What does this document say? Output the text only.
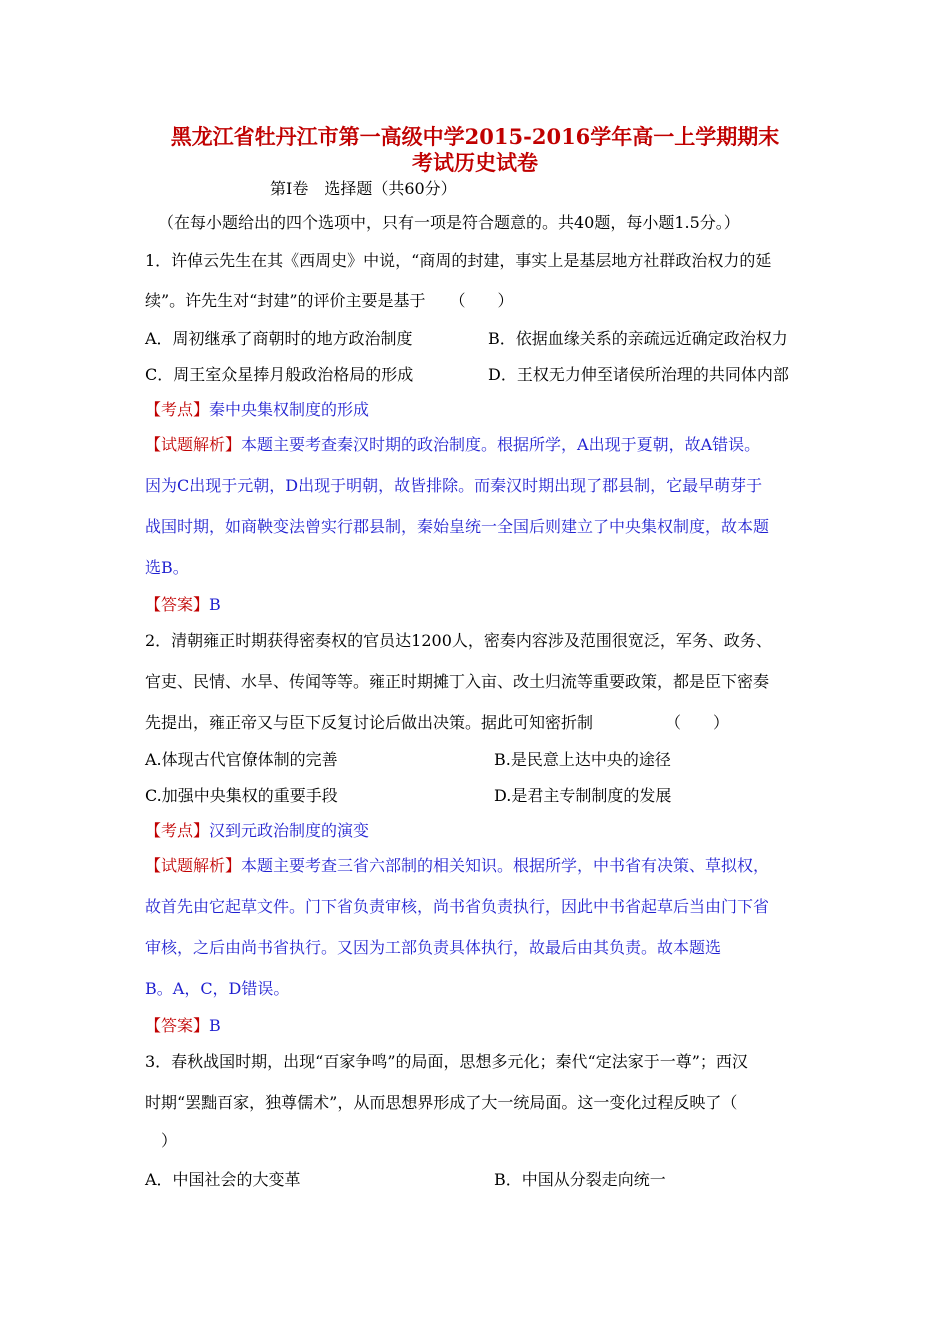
黑龙江省牡丹江市第一高级中学2015-2016学年高一上学期期末
考试历史试卷
第Ⅰ卷　选择题（共60分）
（在每小题给出的四个选项中，只有一项是符合题意的。共40题，每小题1.5分。）
1．许倬云先生在其《西周史》中说，“商周的封建，事实上是基层地方社群政治权力的延
续”。许先生对“封建”的评价主要是基于　　（　　）
A．周初继承了商朝时的地方政治制度	B．依据血缘关系的亲疏远近确定政治权力
C．周王室众星捧月般政治格局的形成	D．王权无力伸至诸侯所治理的共同体内部
【考点】秦中央集权制度的形成
【试题解析】本题主要考查秦汉时期的政治制度。根据所学，A出现于夏朝，故A错误。
因为C出现于元朝，D出现于明朝，故皆排除。而秦汉时期出现了郡县制，它最早萌芽于
战国时期，如商鞅变法曾实行郡县制，秦始皇统一全国后则建立了中央集权制度，故本题
选B。
【答案】B
2．清朝雍正时期获得密奏权的官员达1200人，密奏内容涉及范围很宽泛，军务、政务、
官吏、民情、水旱、传闻等等。雍正时期摊丁入亩、改土归流等重要政策，都是臣下密奏
先提出，雍正帝又与臣下反复讨论后做出决策。据此可知密折制　　　　　（　　）
A.体现古代官僚体制的完善	B.是民意上达中央的途径
C.加强中央集权的重要手段	D.是君主专制制度的发展
【考点】汉到元政治制度的演变
【试题解析】本题主要考查三省六部制的相关知识。根据所学，中书省有决策、草拟权，
故首先由它起草文件。门下省负责审核，尚书省负责执行，因此中书省起草后当由门下省
审核，之后由尚书省执行。又因为工部负责具体执行，故最后由其负责。故本题选
B。A，C，D错误。
【答案】B
3．春秋战国时期，出现“百家争鸣”的局面，思想多元化；秦代“定法家于一尊”；西汉
时期“罢黜百家，独尊儒术”，从而思想界形成了大一统局面。这一变化过程反映了（
　）
A．中国社会的大变革	B．中国从分裂走向统一
